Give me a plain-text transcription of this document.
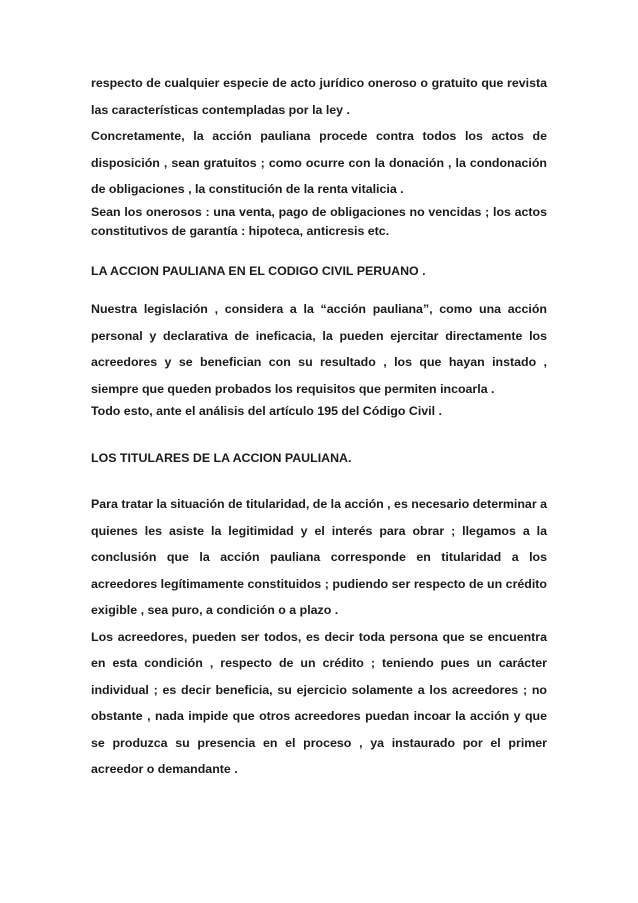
respecto de cualquier especie de acto jurídico oneroso o gratuito que revista las características contempladas por la ley .

Concretamente, la acción pauliana procede contra todos los actos de disposición , sean gratuitos ; como ocurre con la donación , la condonación de obligaciones , la constitución de la renta vitalicia .

Sean los onerosos : una venta, pago de obligaciones no vencidas ; los actos constitutivos de garantía : hipoteca, anticresis etc.

LA ACCION PAULIANA EN EL CODIGO CIVIL PERUANO .

Nuestra legislación , considera a la “acción pauliana”, como una acción personal y declarativa de ineficacia, la pueden ejercitar directamente los acreedores y se benefician con su resultado , los que hayan instado , siempre que queden probados los requisitos que permiten incoarla .

Todo esto, ante el análisis del artículo 195 del Código Civil .

LOS TITULARES DE LA ACCION PAULIANA.

Para tratar la situación de titularidad, de la acción , es necesario determinar a quienes les asiste la legitimidad y el interés para obrar ; llegamos a la conclusión que la acción pauliana corresponde en titularidad a los acreedores legítimamente constituidos ; pudiendo ser respecto de un crédito exigible , sea puro, a condición o a plazo .

Los acreedores, pueden ser todos, es decir toda persona que se encuentra en esta condición , respecto de un crédito ; teniendo pues un carácter individual ; es decir beneficia, su ejercicio solamente a los acreedores ; no obstante , nada impide que otros acreedores puedan incoar la acción y que se produzca su presencia en el proceso , ya instaurado por el primer acreedor o demandante .
